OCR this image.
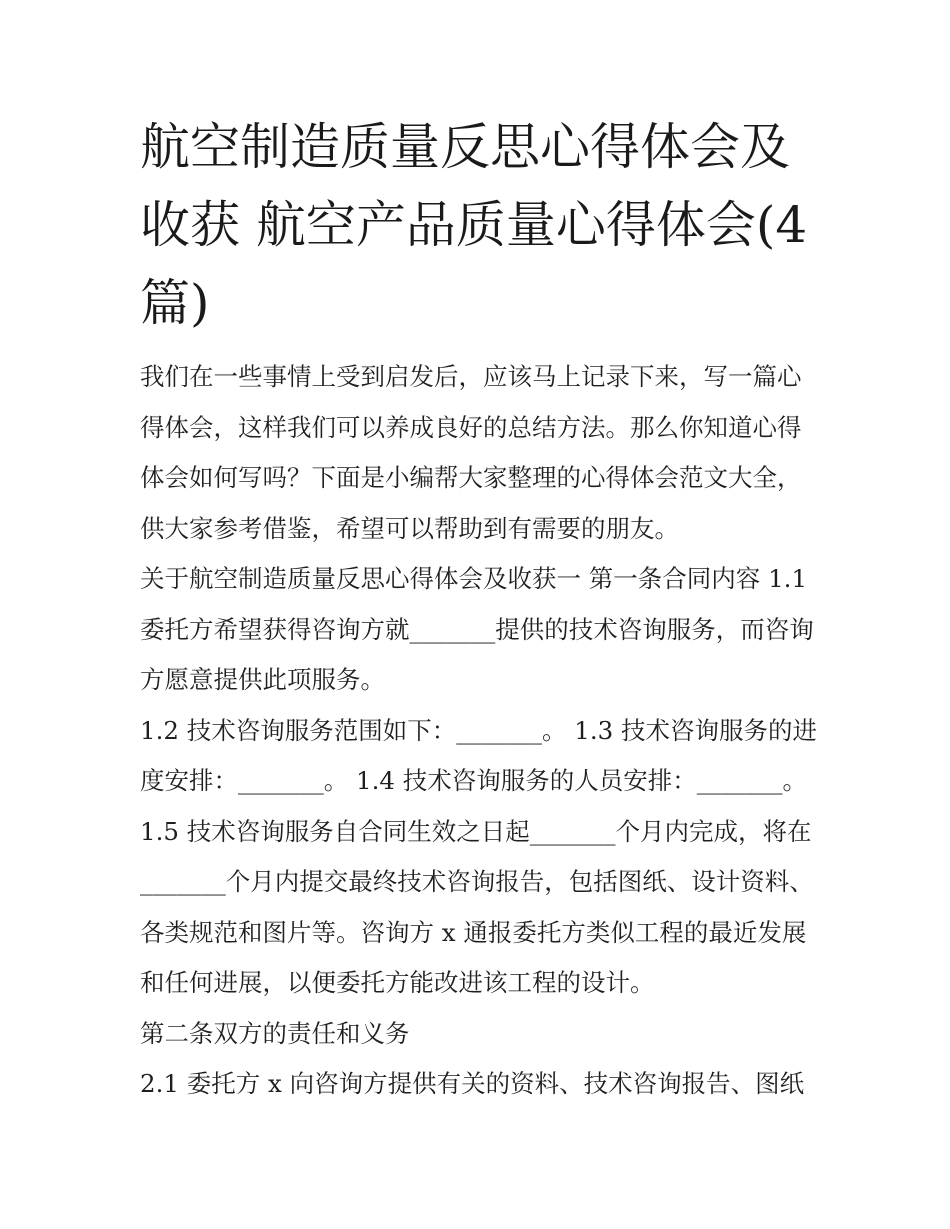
航空制造质量反思心得体会及收获 航空产品质量心得体会(4篇)

我们在一些事情上受到启发后，应该马上记录下来，写一篇心得体会，这样我们可以养成良好的总结方法。那么你知道心得体会如何写吗？下面是小编帮大家整理的心得体会范文大全，供大家参考借鉴，希望可以帮助到有需要的朋友。

关于航空制造质量反思心得体会及收获一 第一条合同内容 1.1委托方希望获得咨询方就_______提供的技术咨询服务，而咨询方愿意提供此项服务。

1.2 技术咨询服务范围如下：_______。 1.3 技术咨询服务的进度安排：_______。 1.4 技术咨询服务的人员安排：_______。 1.5 技术咨询服务自合同生效之日起_______个月内完成，将在_______个月内提交最终技术咨询报告，包括图纸、设计资料、各类规范和图片等。咨询方 x 通报委托方类似工程的最近发展和任何进展，以便委托方能改进该工程的设计。

第二条双方的责任和义务

2.1 委托方 x 向咨询方提供有关的资料、技术咨询报告、图纸
